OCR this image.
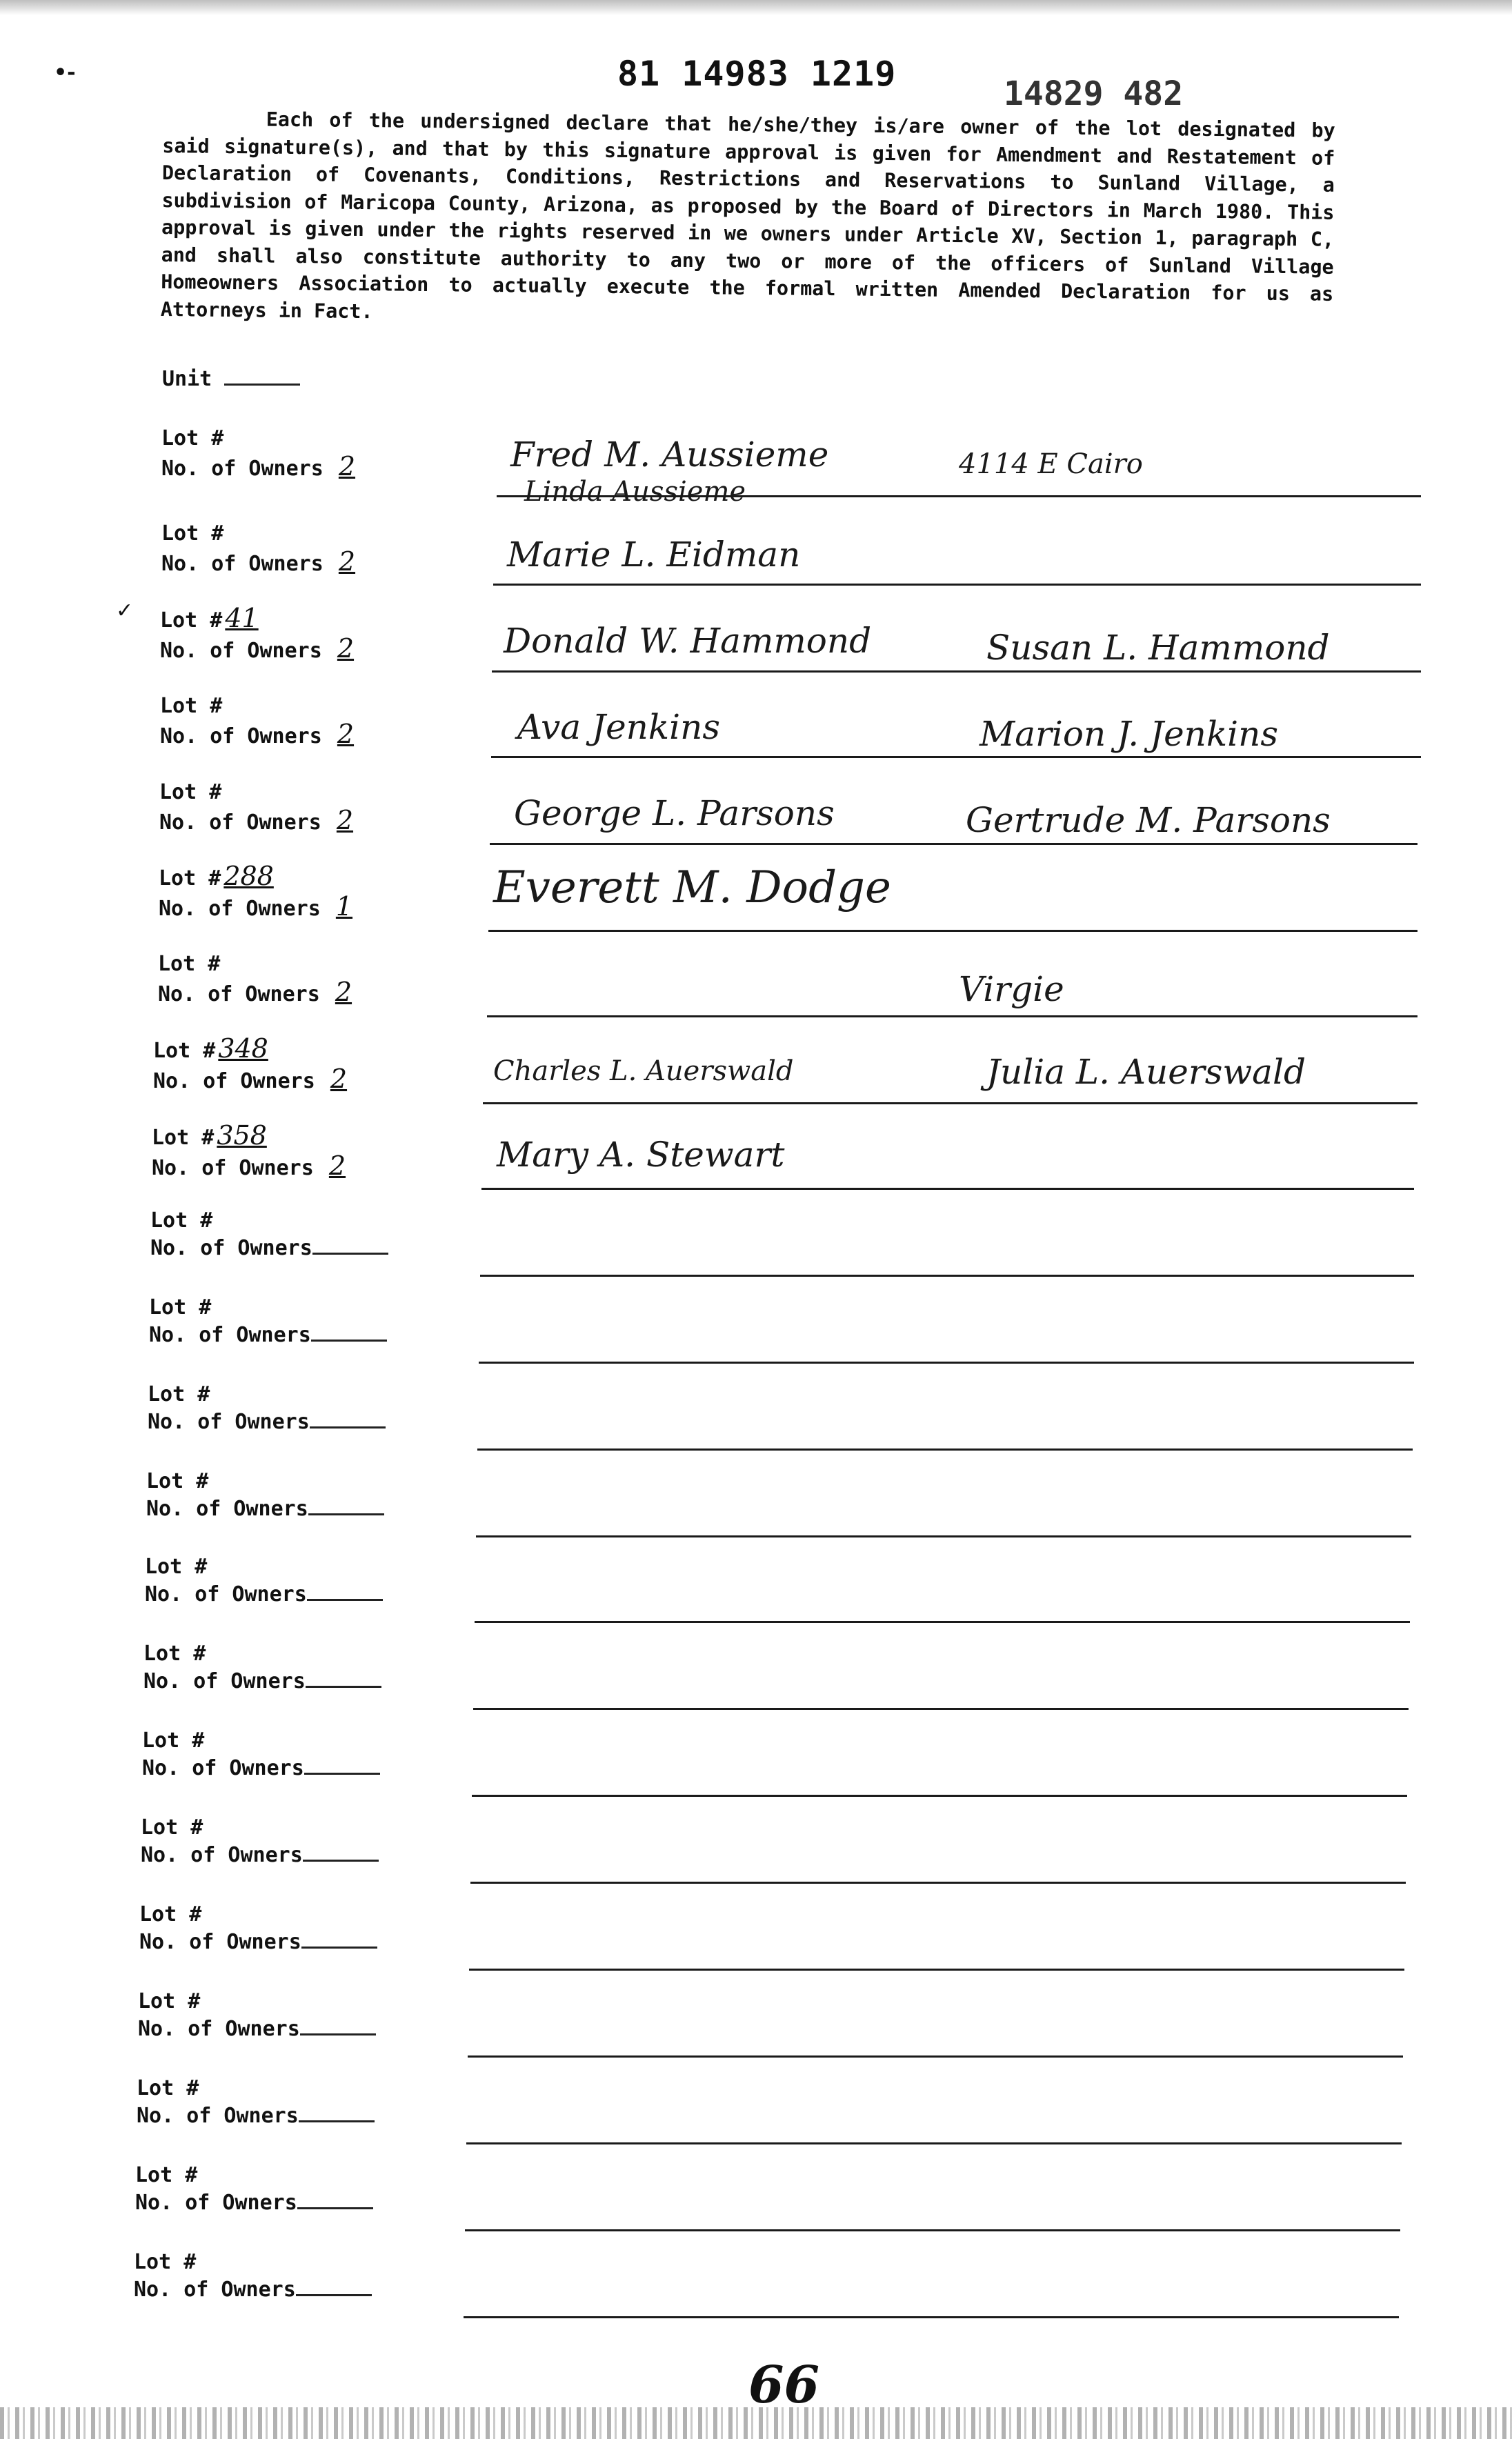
81 14983 1219	14829 482
•-

Each of the undersigned declare that he/she/they is/are owner of the lot designated by said signature(s), and that by this signature approval is given for Amendment and Restatement of Declaration of Covenants, Conditions, Restrictions and Reservations to Sunland Village, a subdivision of Maricopa County, Arizona, as proposed by the Board of Directors in March 1980. This approval is given under the rights reserved in we owners under Article XV, Section 1, paragraph C, and shall also constitute authority to any two or more of the officers of Sunland Village Homeowners Association to actually execute the formal written Amended Declaration for us as Attorneys in Fact.

Unit
Lot #
No. of Owners 2	Fred M. Aussieme	4114 E Cairo
Linda Aussieme
Lot #
No. of Owners 2	Marie L. Eidman
✓ Lot # 41
No. of Owners 2	Donald W. Hammond	Susan L. Hammond
Lot #
No. of Owners 2	Ava Jenkins	Marion J. Jenkins
Lot #
No. of Owners 2	George L. Parsons	Gertrude M. Parsons
Lot # 288
No. of Owners 1	Everett M. Dodge
Lot #
No. of Owners 2	Virgie
Lot # 348
No. of Owners 2	Charles L. Auerswald	Julia L. Auerswald
Lot # 358
No. of Owners 2	Mary A. Stewart
Lot #
No. of Owners
Lot #
No. of Owners
Lot #
No. of Owners
Lot #
No. of Owners
Lot #
No. of Owners
Lot #
No. of Owners
Lot #
No. of Owners
Lot #
No. of Owners
Lot #
No. of Owners
Lot #
No. of Owners
Lot #
No. of Owners
Lot #
No. of Owners
Lot #
No. of Owners
66
